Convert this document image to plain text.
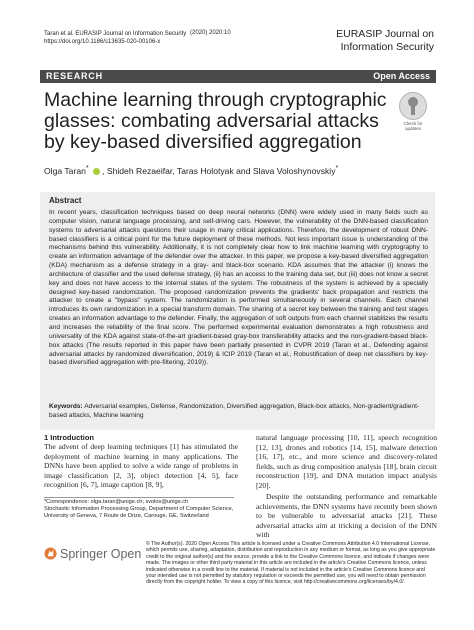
Taran et al. EURASIP Journal on Information Security
https://doi.org/10.1186/s13635-020-00106-x
(2020) 2020:10	EURASIP Journal on Information Security
RESEARCH	Open Access
Machine learning through cryptographic glasses: combating adversarial attacks by key-based diversified aggregation
Check for updates
Olga Taran* , Shideh Rezaeifar, Taras Holotyak and Slava Voloshynovskiy*
Abstract
In recent years, classification techniques based on deep neural networks (DNN) were widely used in many fields such as computer vision, natural language processing, and self-driving cars. However, the vulnerability of the DNN-based classification systems to adversarial attacks questions their usage in many critical applications. Therefore, the development of robust DNN-based classifiers is a critical point for the future deployment of these methods. Not less important issue is understanding of the mechanisms behind this vulnerability. Additionally, it is not completely clear how to link machine learning with cryptography to create an information advantage of the defender over the attacker. In this paper, we propose a key-based diversified aggregation (KDA) mechanism as a defense strategy in a gray- and black-box scenario. KDA assumes that the attacker (i) knows the architecture of classifier and the used defense strategy, (ii) has an access to the training data set, but (iii) does not know a secret key and does not have access to the internal states of the system. The robustness of the system is achieved by a specially designed key-based randomization. The proposed randomization prevents the gradients' back propagation and restricts the attacker to create a "bypass" system. The randomization is performed simultaneously in several channels. Each channel introduces its own randomization in a special transform domain. The sharing of a secret key between the training and test stages creates an information advantage to the defender. Finally, the aggregation of soft outputs from each channel stabilizes the results and increases the reliability of the final score. The performed experimental evaluation demonstrates a high robustness and universality of the KDA against state-of-the-art gradient-based gray-box transferability attacks and the non-gradient-based black-box attacks (The results reported in this paper have been partially presented in CVPR 2019 (Taran et al., Defending against adversarial attacks by randomized diversification, 2019) & ICIP 2019 (Taran et al., Robustification of deep net classifiers by key-based diversified aggregation with pre-filtering, 2019)).
Keywords: Adversarial examples, Defense, Randomization, Diversified aggregation, Black-box attacks, Non-gradient/gradient-based attacks, Machine learning
1 Introduction
The advent of deep learning techniques [1] has stimulated the deployment of machine learning in many applications. The DNNs have been applied to solve a wide range of problems in image classification [2, 3], object detection [4, 5], face recognition [6, 7], image caption [8, 9],
natural language processing [10, 11], speech recognition [12, 13], drones and robotics [14, 15], malware detection [16, 17], etc., and more science and discovery-related fields, such as drug composition analysis [18], brain circuit reconstruction [19], and DNA mutation impact analysis [20].
Despite the outstanding performance and remarkable achievements, the DNN systems have recently been shown to be vulnerable to adversarial attacks [21]. These adversarial attacks aim at tricking a decision of the DNN with
*Correspondence: olga.taran@unige.ch; svolos@unige.ch
Stochastic Information Processing Group, Department of Computer Science, University of Geneva, 7 Route de Drize, Carouge, GE, Switzerland
Springer Open
© The Author(s). 2020 Open Access This article is licensed under a Creative Commons Attribution 4.0 International License, which permits use, sharing, adaptation, distribution and reproduction in any medium or format, as long as you give appropriate credit to the original author(s) and the source, provide a link to the Creative Commons licence, and indicate if changes were made. The images or other third party material in this article are included in the article's Creative Commons licence, unless indicated otherwise in a credit line to the material. If material is not included in the article's Creative Commons licence and your intended use is not permitted by statutory regulation or exceeds the permitted use, you will need to obtain permission directly from the copyright holder. To view a copy of this licence, visit http://creativecommons.org/licenses/by/4.0/.
